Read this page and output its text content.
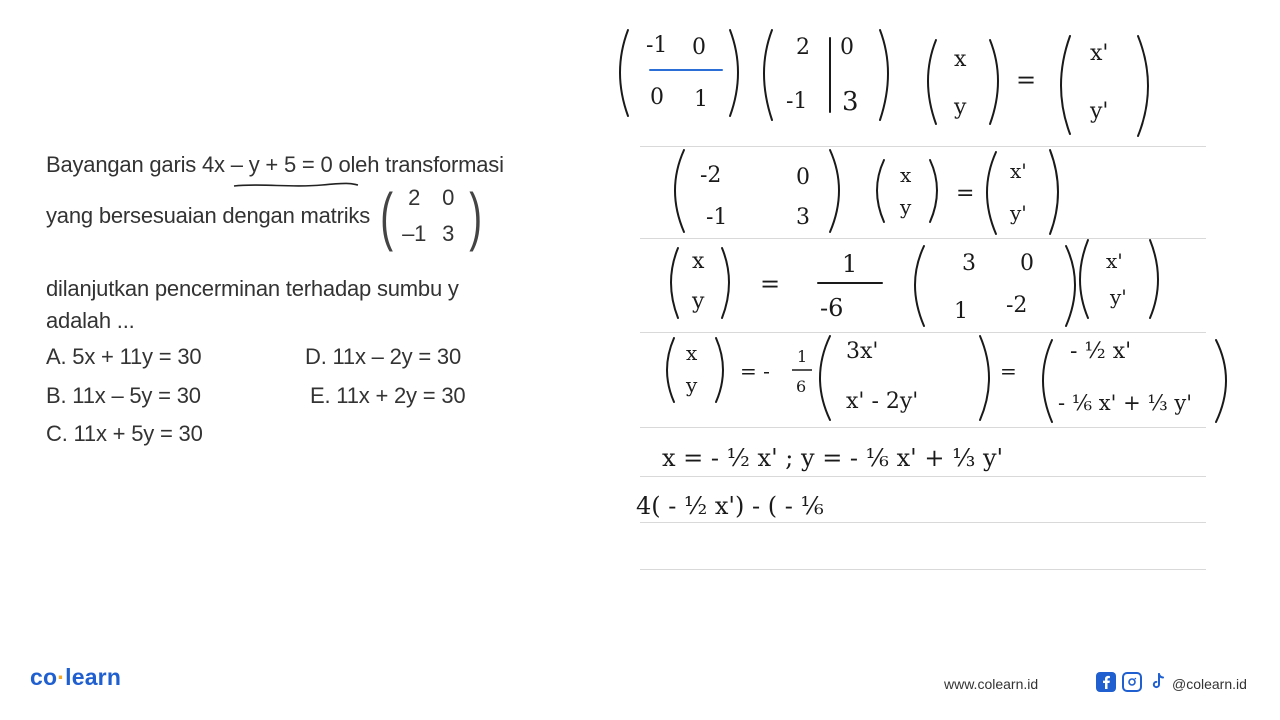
Bayangan garis 4x – y + 5 = 0 oleh transformasi
yang bersesuaian dengan matriks ( 2 0
–1 3 )
dilanjutkan pencerminan terhadap sumbu y
adalah ...
A. 5x + 11y = 30
B. 11x – 5y = 30
C. 11x + 5y = 30
D. 11x – 2y = 30
E. 11x + 2y = 30
-1 0
0 1
2 0
-1 3
x
y
=
x'
y'
-2	0
-1	3
x
y
=
x'
y'
x
y
=
1
-6
3 0
1 -2
x'
y'
x
y
= -
1
6
3x'
x' - 2y'
=
- ½ x'
- ⅙ x' + ⅓ y'
x = - ½ x' ; y = - ⅙ x' + ⅓ y'
4( - ½ x') - ( - ⅙
co·learn	www.colearn.id	@colearn.id
